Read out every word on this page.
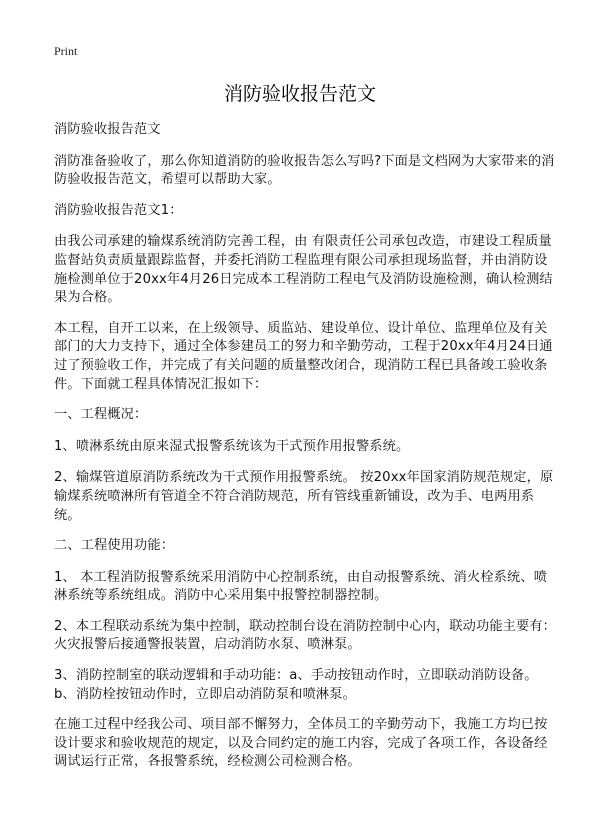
Print
消防验收报告范文

消防验收报告范文

消防准备验收了，那么你知道消防的验收报告怎么写吗?下面是文档网为大家带来的消防验收报告范文，希望可以帮助大家。

消防验收报告范文1：

由我公司承建的输煤系统消防完善工程，由 有限责任公司承包改造，市建设工程质量监督站负责质量跟踪监督，并委托消防工程监理有限公司承担现场监督，并由消防设施检测单位于20xx年4月26日完成本工程消防工程电气及消防设施检测，确认检测结果为合格。

本工程，自开工以来，在上级领导、质监站、建设单位、设计单位、监理单位及有关部门的大力支持下，通过全体参建员工的努力和辛勤劳动，工程于20xx年4月24日通过了预验收工作，并完成了有关问题的质量整改闭合，现消防工程已具备竣工验收条件。下面就工程具体情况汇报如下：

一、工程概况：

1、喷淋系统由原来湿式报警系统该为干式预作用报警系统。

2、输煤管道原消防系统改为干式预作用报警系统。 按20xx年国家消防规范规定，原输煤系统喷淋所有管道全不符合消防规范，所有管线重新铺设，改为手、电两用系统。

二、工程使用功能：

1、 本工程消防报警系统采用消防中心控制系统，由自动报警系统、消火栓系统、喷淋系统等系统组成。消防中心采用集中报警控制器控制。

2、本工程联动系统为集中控制，联动控制台设在消防控制中心内，联动功能主要有：火灾报警后接通警报装置，启动消防水泵、喷淋泵。

3、消防控制室的联动逻辑和手动功能：a、手动按钮动作时，立即联动消防设备。b、消防栓按钮动作时，立即启动消防泵和喷淋泵。

在施工过程中经我公司、项目部不懈努力，全体员工的辛勤劳动下，我施工方均已按设计要求和验收规范的规定，以及合同约定的施工内容，完成了各项工作，各设备经调试运行正常，各报警系统，经检测公司检测合格。
